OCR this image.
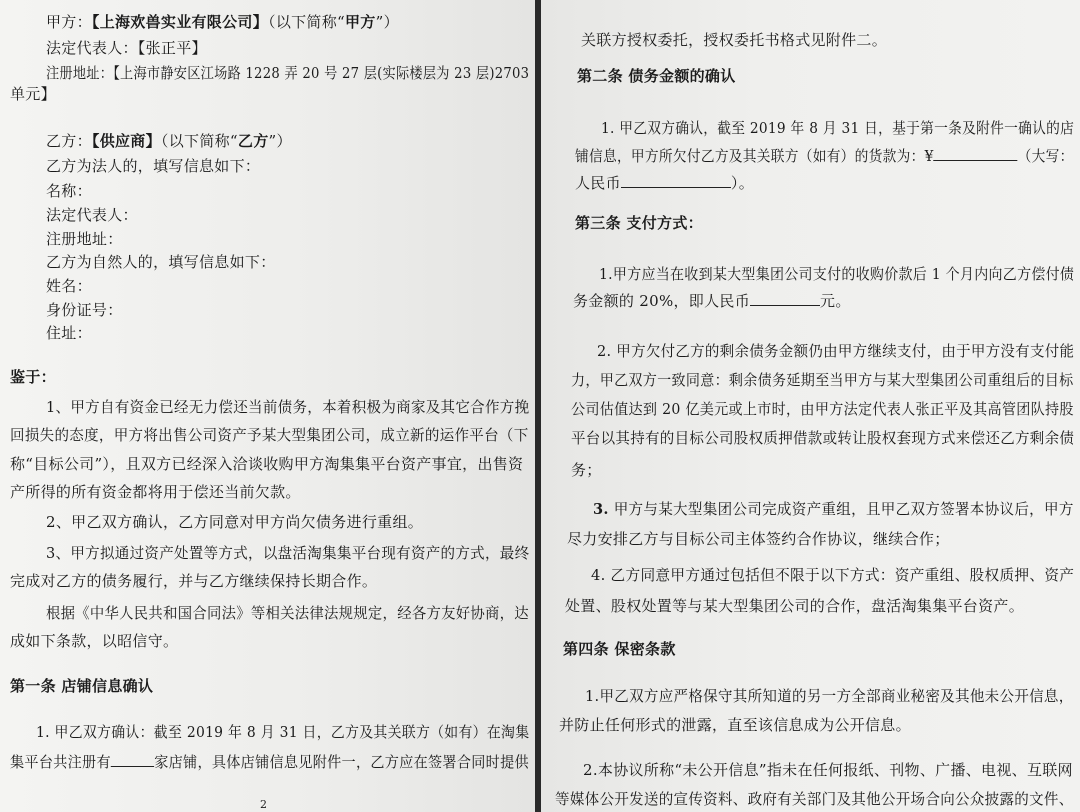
甲方：【上海欢兽实业有限公司】（以下简称“甲方”）
法定代表人：【张正平】
注册地址：【上海市静安区江场路 1228 弄 20 号 27 层(实际楼层为 23 层)2703
单元】
乙方：【供应商】（以下简称“乙方”）
乙方为法人的，填写信息如下：
名称：
法定代表人：
注册地址：
乙方为自然人的，填写信息如下：
姓名：
身份证号：
住址：
鉴于：
1、甲方自有资金已经无力偿还当前债务，本着积极为商家及其它合作方挽
回损失的态度，甲方将出售公司资产予某大型集团公司，成立新的运作平台（下
称“目标公司”），且双方已经深入洽谈收购甲方淘集集平台资产事宜，出售资
产所得的所有资金都将用于偿还当前欠款。
2、甲乙双方确认，乙方同意对甲方尚欠债务进行重组。
3、甲方拟通过资产处置等方式，以盘活淘集集平台现有资产的方式，最终
完成对乙方的债务履行，并与乙方继续保持长期合作。
根据《中华人民共和国合同法》等相关法律法规规定，经各方友好协商，达
成如下条款，以昭信守。
第一条 店铺信息确认
1. 甲乙双方确认：截至 2019 年 8 月 31 日，乙方及其关联方（如有）在淘集
集平台共注册有	家店铺，具体店铺信息见附件一，乙方应在签署合同时提供
2
关联方授权委托，授权委托书格式见附件二。
第二条 债务金额的确认
1. 甲乙双方确认，截至 2019 年 8 月 31 日，基于第一条及附件一确认的店
铺信息，甲方所欠付乙方及其关联方（如有）的货款为：¥	（大写：
人民币	）。
第三条 支付方式：
1.甲方应当在收到某大型集团公司支付的收购价款后 1 个月内向乙方偿付债
务金额的 20%，即人民币	元。
2. 甲方欠付乙方的剩余债务金额仍由甲方继续支付，由于甲方没有支付能
力，甲乙双方一致同意：剩余债务延期至当甲方与某大型集团公司重组后的目标
公司估值达到 20 亿美元或上市时，由甲方法定代表人张正平及其高管团队持股
平台以其持有的目标公司股权质押借款或转让股权套现方式来偿还乙方剩余债
务；
3. 甲方与某大型集团公司完成资产重组，且甲乙双方签署本协议后，甲方
尽力安排乙方与目标公司主体签约合作协议，继续合作；
4. 乙方同意甲方通过包括但不限于以下方式：资产重组、股权质押、资产
处置、股权处置等与某大型集团公司的合作，盘活淘集集平台资产。
第四条 保密条款
1.甲乙双方应严格保守其所知道的另一方全部商业秘密及其他未公开信息，
并防止任何形式的泄露，直至该信息成为公开信息。
2.本协议所称“未公开信息”指未在任何报纸、刊物、广播、电视、互联网
等媒体公开发送的宣传资料、政府有关部门及其他公开场合向公众披露的文件、
